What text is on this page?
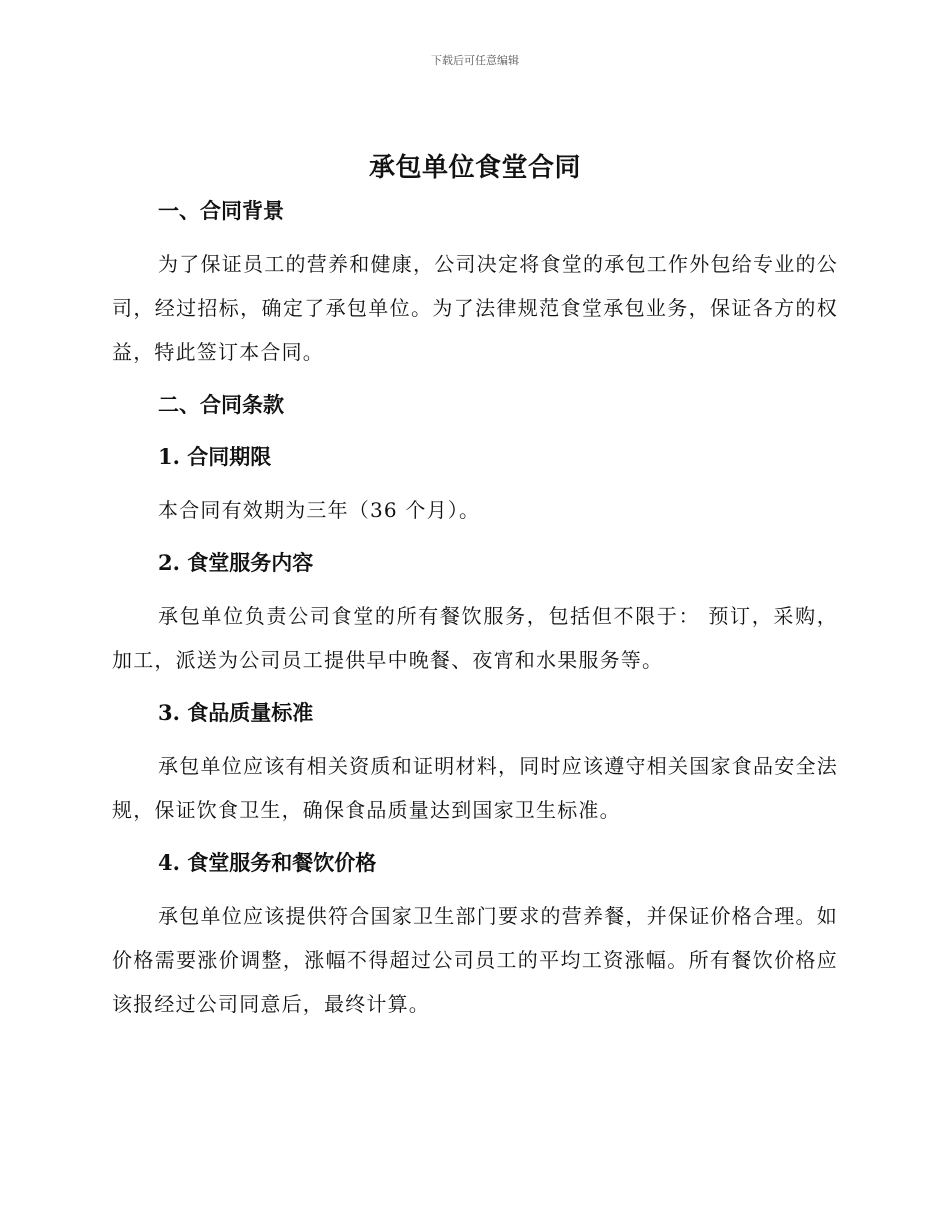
下载后可任意编辑
承包单位食堂合同
一、合同背景

为了保证员工的营养和健康，公司决定将食堂的承包工作外包给专业的公司，经过招标，确定了承包单位。为了法律规范食堂承包业务，保证各方的权益，特此签订本合同。

二、合同条款
1. 合同期限

本合同有效期为三年（36 个月）。

2. 食堂服务内容

承包单位负责公司食堂的所有餐饮服务，包括但不限于： 预订，采购，加工，派送为公司员工提供早中晚餐、夜宵和水果服务等。

3. 食品质量标准

承包单位应该有相关资质和证明材料，同时应该遵守相关国家食品安全法规，保证饮食卫生，确保食品质量达到国家卫生标准。

4. 食堂服务和餐饮价格

承包单位应该提供符合国家卫生部门要求的营养餐，并保证价格合理。如价格需要涨价调整，涨幅不得超过公司员工的平均工资涨幅。所有餐饮价格应该报经过公司同意后，最终计算。
